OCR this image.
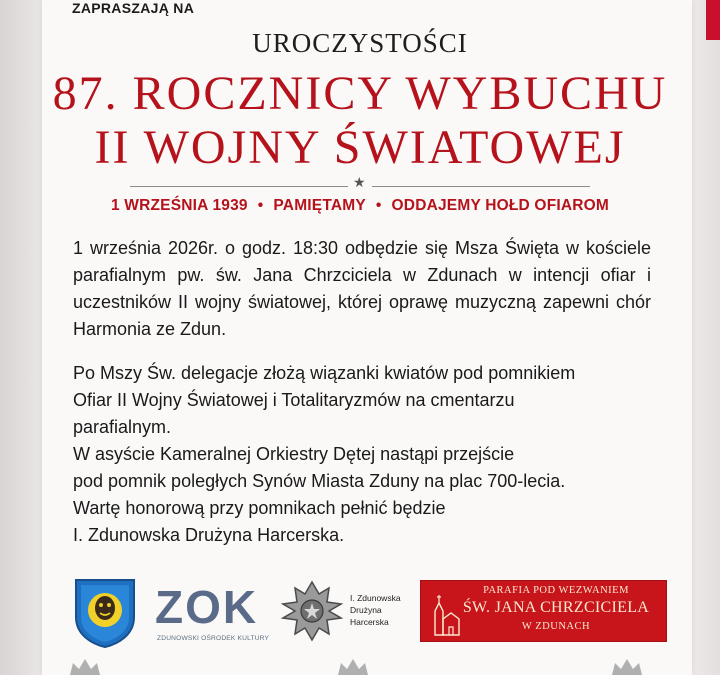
ZAPRASZAJĄ NA
UROCZYSTOŚCI
87. ROCZNICY WYBUCHU
II WOJNY ŚWIATOWEJ
★
1 WRZEŚNIA 1939 • PAMIĘTAMY • ODDAJEMY HOŁD OFIAROM
1 września 2026r. o godz. 18:30 odbędzie się Msza Święta w kościele parafialnym pw. św. Jana Chrzciciela w Zdunach w intencji ofiar i uczestników II wojny światowej, której oprawę muzyczną zapewni chór Harmonia ze Zdun.
Po Mszy Św. delegacje złożą wiązanki kwiatów pod pomnikiem
Ofiar II Wojny Światowej i Totalitaryzmów na cmentarzu
parafialnym.
W asyście Kameralnej Orkiestry Dętej nastąpi przejście
pod pomnik poległych Synów Miasta Zduny na plac 700-lecia.
Wartę honorową przy pomnikach pełnić będzie
I. Zdunowska Drużyna Harcerska.
ZOK
ZDUNOWSKI OŚRODEK KULTURY
I. Zdunowska
Drużyna
Harcerska
PARAFIA POD WEZWANIEM
ŚW. JANA CHRZCICIELA
W ZDUNACH
